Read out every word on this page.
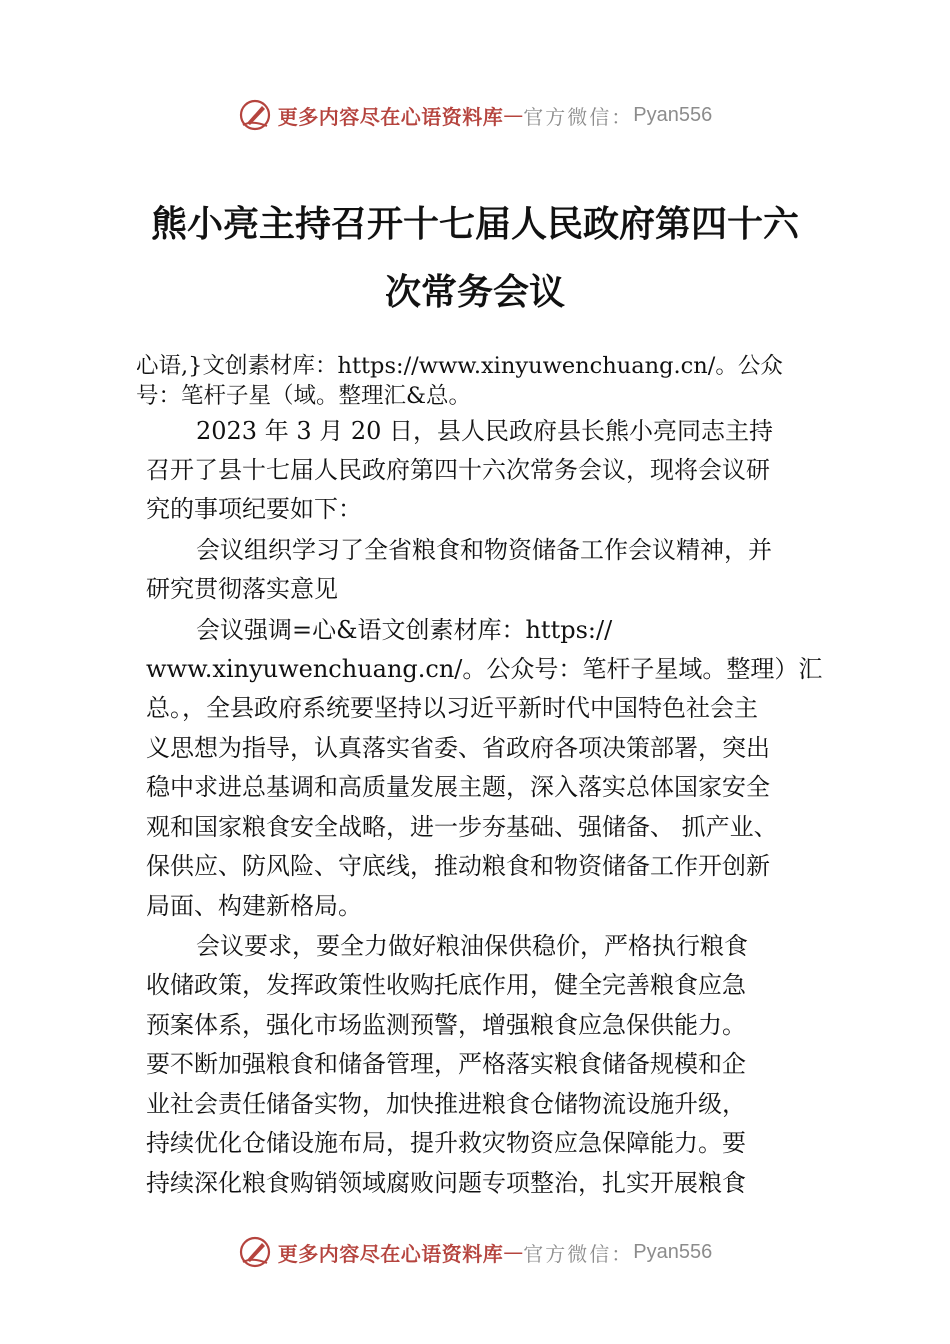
更多内容尽在心语资料库 — 官方微信： Pyan556
熊小亮主持召开十七届人民政府第四十六
次常务会议
心语,}文创素材库：https://www.xinyuwenchuang.cn/。公众
号：笔杆子星（域。整理汇&总。
2023 年 3 月 20 日，县人民政府县长熊小亮同志主持
召开了县十七届人民政府第四十六次常务会议，现将会议研
究的事项纪要如下：
会议组织学习了全省粮食和物资储备工作会议精神，并
研究贯彻落实意见
会议强调=心&语文创素材库：https://
www.xinyuwenchuang.cn/。公众号：笔杆子星域。整理）汇
总。，全县政府系统要坚持以习近平新时代中国特色社会主
义思想为指导，认真落实省委、省政府各项决策部署，突出
稳中求进总基调和高质量发展主题，深入落实总体国家安全
观和国家粮食安全战略，进一步夯基础、强储备、 抓产业、
保供应、防风险、守底线，推动粮食和物资储备工作开创新
局面、构建新格局。
会议要求，要全力做好粮油保供稳价，严格执行粮食
收储政策，发挥政策性收购托底作用，健全完善粮食应急
预案体系，强化市场监测预警，增强粮食应急保供能力。
要不断加强粮食和储备管理，严格落实粮食储备规模和企
业社会责任储备实物，加快推进粮食仓储物流设施升级，
持续优化仓储设施布局，提升救灾物资应急保障能力。要
持续深化粮食购销领域腐败问题专项整治，扎实开展粮食
更多内容尽在心语资料库 — 官方微信： Pyan556
